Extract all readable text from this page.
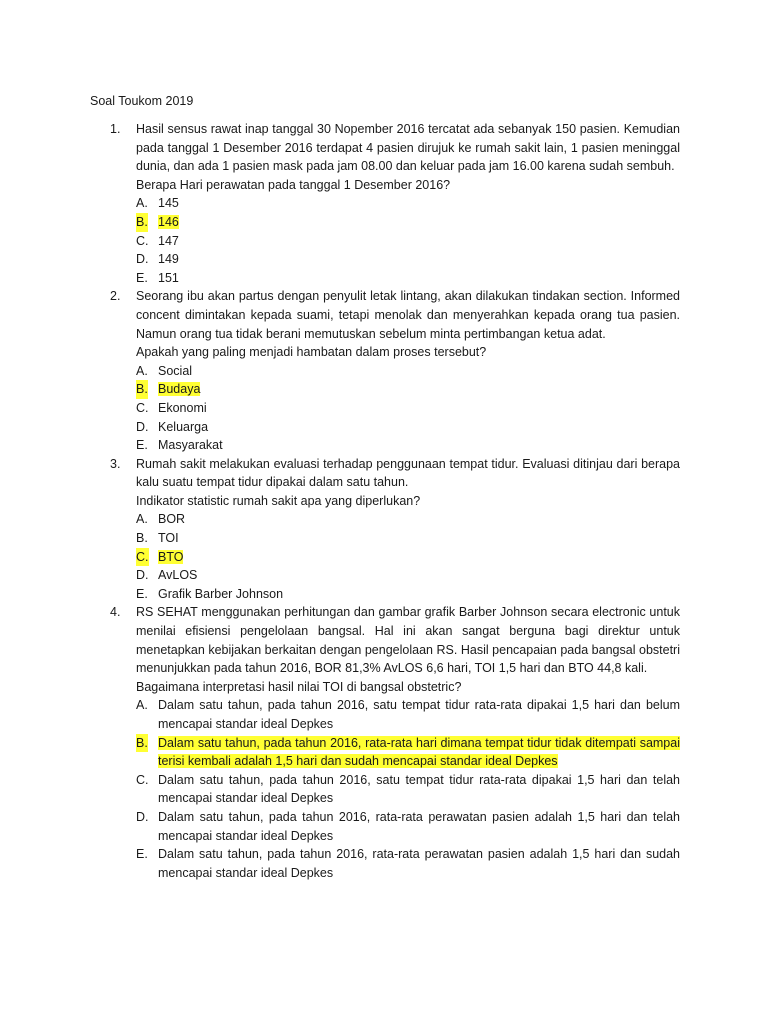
Soal Toukom 2019
1. Hasil sensus rawat inap tanggal 30 Nopember 2016 tercatat ada sebanyak 150 pasien. Kemudian pada tanggal 1 Desember 2016 terdapat 4 pasien dirujuk ke rumah sakit lain, 1 pasien meninggal dunia, dan ada 1 pasien mask pada jam 08.00 dan keluar pada jam 16.00 karena sudah sembuh.
Berapa Hari perawatan pada tanggal 1 Desember 2016?
A. 145
B. 146
C. 147
D. 149
E. 151
2. Seorang ibu akan partus dengan penyulit letak lintang, akan dilakukan tindakan section. Informed concent dimintakan kepada suami, tetapi menolak dan menyerahkan kepada orang tua pasien. Namun orang tua tidak berani memutuskan sebelum minta pertimbangan ketua adat.
Apakah yang paling menjadi hambatan dalam proses tersebut?
A. Social
B. Budaya
C. Ekonomi
D. Keluarga
E. Masyarakat
3. Rumah sakit melakukan evaluasi terhadap penggunaan tempat tidur. Evaluasi ditinjau dari berapa kalu suatu tempat tidur dipakai dalam satu tahun.
Indikator statistic rumah sakit apa yang diperlukan?
A. BOR
B. TOI
C. BTO
D. AvLOS
E. Grafik Barber Johnson
4. RS SEHAT menggunakan perhitungan dan gambar grafik Barber Johnson secara electronic untuk menilai efisiensi pengelolaan bangsal. Hal ini akan sangat berguna bagi direktur untuk menetapkan kebijakan berkaitan dengan pengelolaan RS. Hasil pencapaian pada bangsal obstetri menunjukkan pada tahun 2016, BOR 81,3% AvLOS 6,6 hari, TOI 1,5 hari dan BTO 44,8 kali.
Bagaimana interpretasi hasil nilai TOI di bangsal obstetric?
A. Dalam satu tahun, pada tahun 2016, satu tempat tidur rata-rata dipakai 1,5 hari dan belum mencapai standar ideal Depkes
B. Dalam satu tahun, pada tahun 2016, rata-rata hari dimana tempat tidur tidak ditempati sampai terisi kembali adalah 1,5 hari dan sudah mencapai standar ideal Depkes
C. Dalam satu tahun, pada tahun 2016, satu tempat tidur rata-rata dipakai 1,5 hari dan telah mencapai standar ideal Depkes
D. Dalam satu tahun, pada tahun 2016, rata-rata perawatan pasien adalah 1,5 hari dan telah mencapai standar ideal Depkes
E. Dalam satu tahun, pada tahun 2016, rata-rata perawatan pasien adalah 1,5 hari dan sudah mencapai standar ideal Depkes
